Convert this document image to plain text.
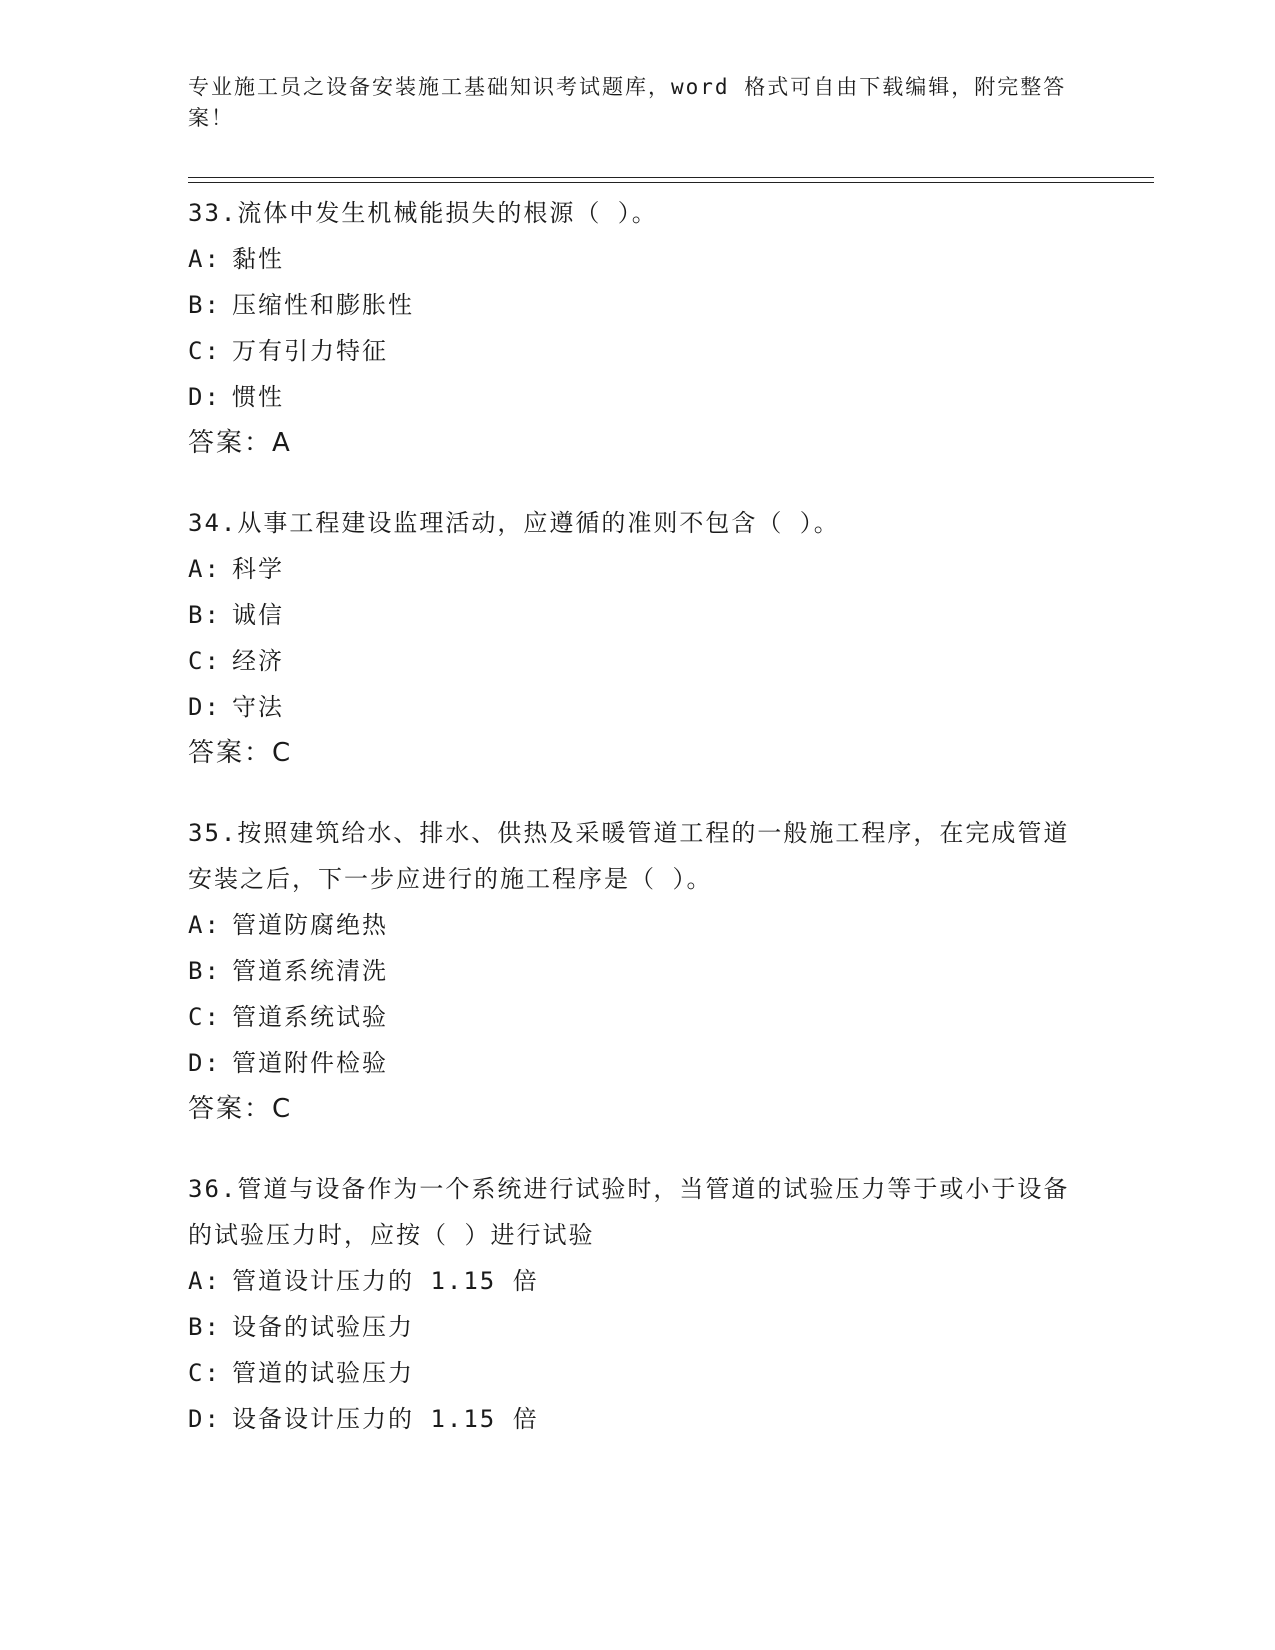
专业施工员之设备安装施工基础知识考试题库，word 格式可自由下载编辑，附完整答案！
33.流体中发生机械能损失的根源（ ）。
A: 黏性
B: 压缩性和膨胀性
C: 万有引力特征
D: 惯性
答案：A
34.从事工程建设监理活动，应遵循的准则不包含（ ）。
A: 科学
B: 诚信
C: 经济
D: 守法
答案：C
35.按照建筑给水、排水、供热及采暖管道工程的一般施工程序，在完成管道安装之后，下一步应进行的施工程序是（ ）。
A: 管道防腐绝热
B: 管道系统清洗
C: 管道系统试验
D: 管道附件检验
答案：C
36.管道与设备作为一个系统进行试验时，当管道的试验压力等于或小于设备的试验压力时，应按（ ）进行试验
A: 管道设计压力的 1.15 倍
B: 设备的试验压力
C: 管道的试验压力
D: 设备设计压力的 1.15 倍
